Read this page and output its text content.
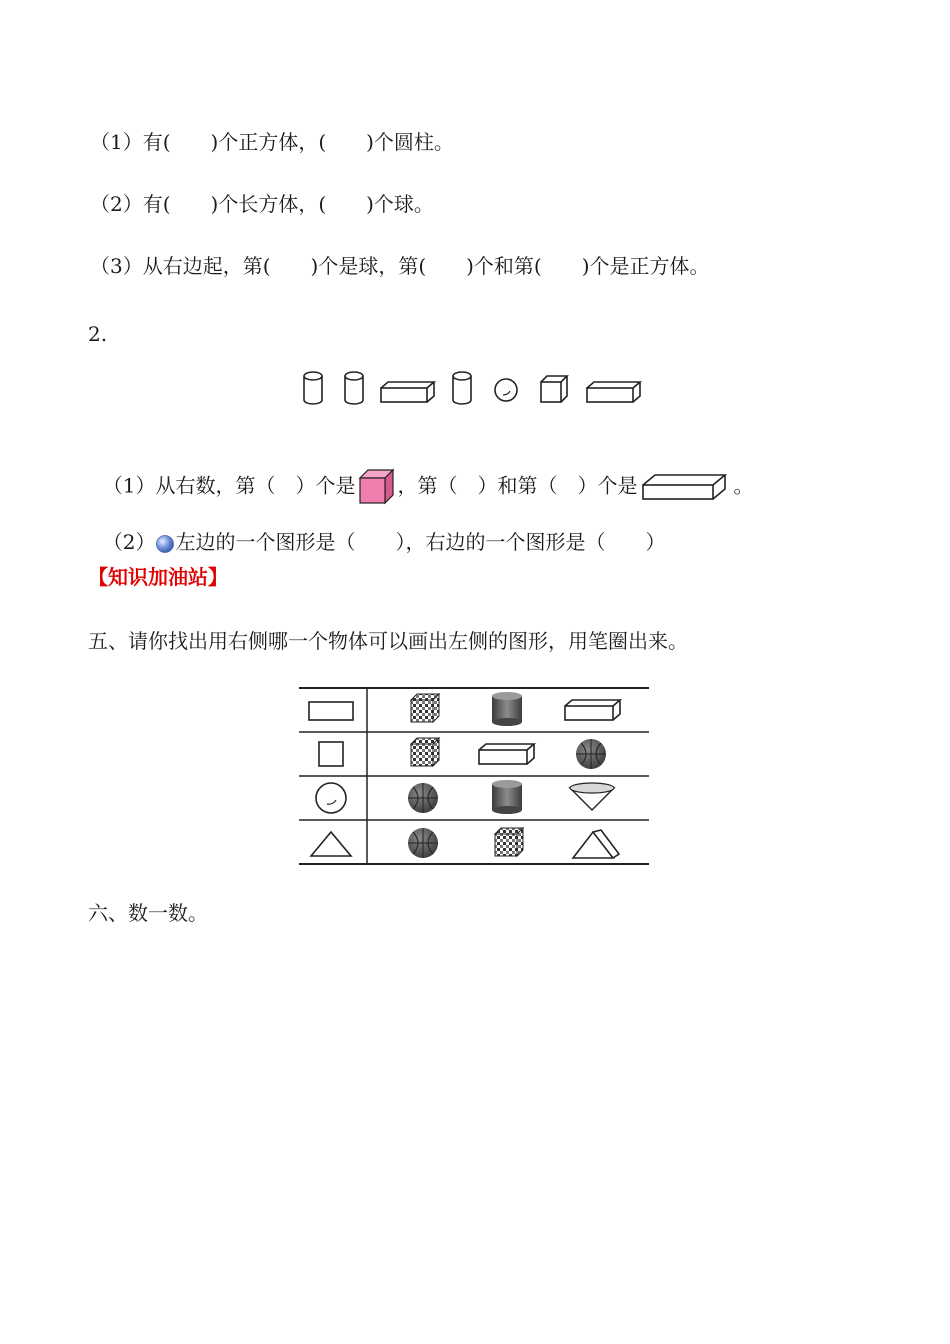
（1）有(　　)个正方体，(　　)个圆柱。
（2）有(　　)个长方体，(　　)个球。
（3）从右边起，第(　　)个是球，第(　　)个和第(　　)个是正方体。
2.

（1）从右数，第（　）个是 ，第（　）和第（　）个是	。

（2） 左边的一个图形是（　　），右边的一个图形是（　　）

【知识加油站】
五、请你找出用右侧哪一个物体可以画出左侧的图形，用笔圈出来。
六、数一数。
